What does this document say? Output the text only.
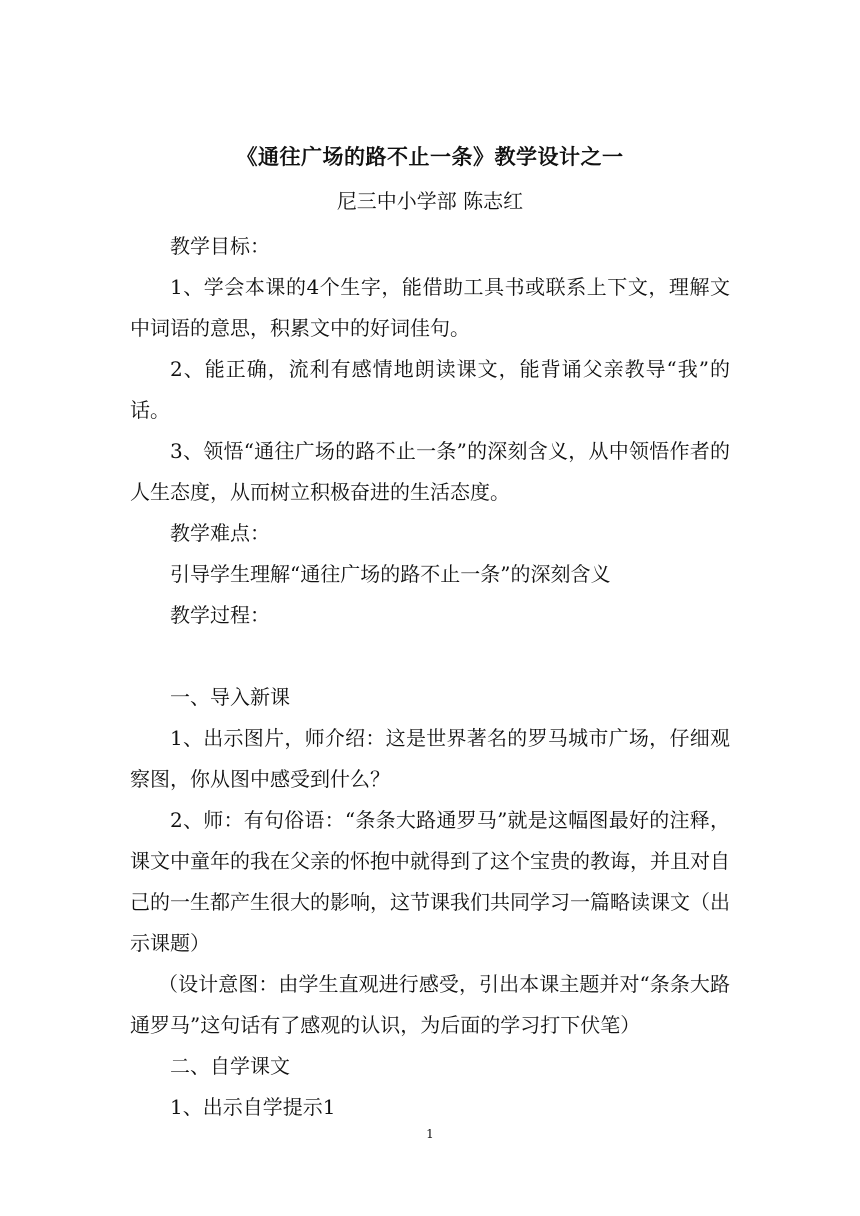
《通往广场的路不止一条》教学设计之一
尼三中小学部 陈志红

教学目标：

1、学会本课的4个生字，能借助工具书或联系上下文，理解文中词语的意思，积累文中的好词佳句。

2、能正确，流利有感情地朗读课文，能背诵父亲教导“我”的话。

3、领悟“通往广场的路不止一条”的深刻含义，从中领悟作者的人生态度，从而树立积极奋进的生活态度。

教学难点：

引导学生理解“通往广场的路不止一条”的深刻含义

教学过程：

一、导入新课

1、出示图片，师介绍：这是世界著名的罗马城市广场，仔细观察图，你从图中感受到什么？

2、师：有句俗语：“条条大路通罗马”就是这幅图最好的注释，课文中童年的我在父亲的怀抱中就得到了这个宝贵的教诲，并且对自己的一生都产生很大的影响，这节课我们共同学习一篇略读课文（出示课题）

（设计意图：由学生直观进行感受，引出本课主题并对“条条大路通罗马”这句话有了感观的认识，为后面的学习打下伏笔）

二、自学课文

1、出示自学提示1

1
